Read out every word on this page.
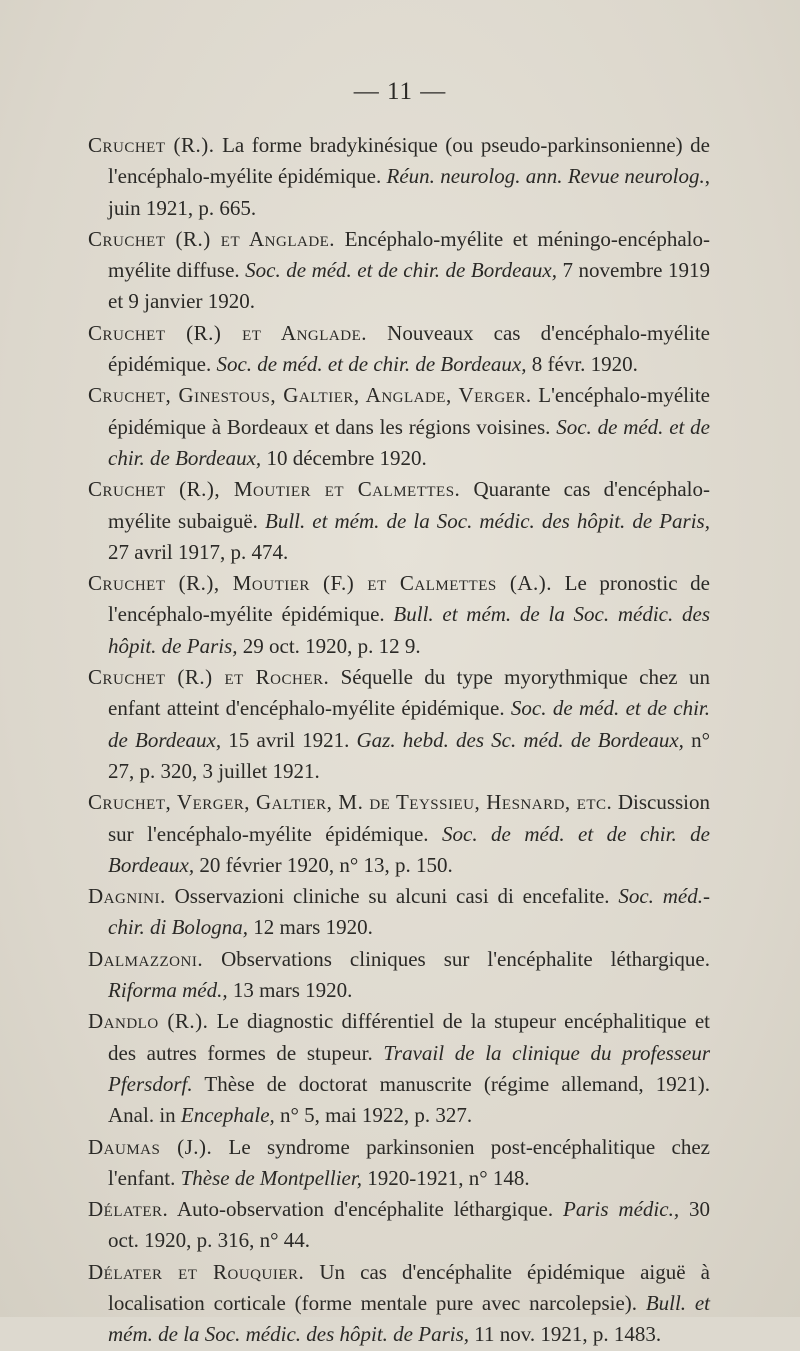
— 11 —

Cruchet (R.). La forme bradykinésique (ou pseudo-parkinsonienne) de l'encéphalo-myélite épidémique. Réun. neurolog. ann. Revue neurolog., juin 1921, p. 665.

Cruchet (R.) et Anglade. Encéphalo-myélite et méningo-encéphalo-myélite diffuse. Soc. de méd. et de chir. de Bordeaux, 7 novembre 1919 et 9 janvier 1920.

Cruchet (R.) et Anglade. Nouveaux cas d'encéphalo-myélite épidémique. Soc. de méd. et de chir. de Bordeaux, 8 févr. 1920.

Cruchet, Ginestous, Galtier, Anglade, Verger. L'encéphalo-myélite épidémique à Bordeaux et dans les régions voisines. Soc. de méd. et de chir. de Bordeaux, 10 décembre 1920.

Cruchet (R.), Moutier et Calmettes. Quarante cas d'encéphalo-myélite subaiguë. Bull. et mém. de la Soc. médic. des hôpit. de Paris, 27 avril 1917, p. 474.

Cruchet (R.), Moutier (F.) et Calmettes (A.). Le pronostic de l'encéphalo-myélite épidémique. Bull. et mém. de la Soc. médic. des hôpit. de Paris, 29 oct. 1920, p. 12 9.

Cruchet (R.) et Rocher. Séquelle du type myorythmique chez un enfant atteint d'encéphalo-myélite épidémique. Soc. de méd. et de chir. de Bordeaux, 15 avril 1921. Gaz. hebd. des Sc. méd. de Bordeaux, n° 27, p. 320, 3 juillet 1921.

Cruchet, Verger, Galtier, M. de Teyssieu, Hesnard, etc. Discussion sur l'encéphalo-myélite épidémique. Soc. de méd. et de chir. de Bordeaux, 20 février 1920, n° 13, p. 150.

Dagnini. Osservazioni cliniche su alcuni casi di encefalite. Soc. méd.-chir. di Bologna, 12 mars 1920.

Dalmazzoni. Observations cliniques sur l'encéphalite léthargique. Riforma méd., 13 mars 1920.

Dandlo (R.). Le diagnostic différentiel de la stupeur encéphalitique et des autres formes de stupeur. Travail de la clinique du professeur Pfersdorf. Thèse de doctorat manuscrite (régime allemand, 1921). Anal. in Encephale, n° 5, mai 1922, p. 327.

Daumas (J.). Le syndrome parkinsonien post-encéphalitique chez l'enfant. Thèse de Montpellier, 1920-1921, n° 148.

Délater. Auto-observation d'encéphalite léthargique. Paris médic., 30 oct. 1920, p. 316, n° 44.

Délater et Rouquier. Un cas d'encéphalite épidémique aiguë à localisation corticale (forme mentale pure avec narcolepsie). Bull. et mém. de la Soc. médic. des hôpit. de Paris, 11 nov. 1921, p. 1483.
